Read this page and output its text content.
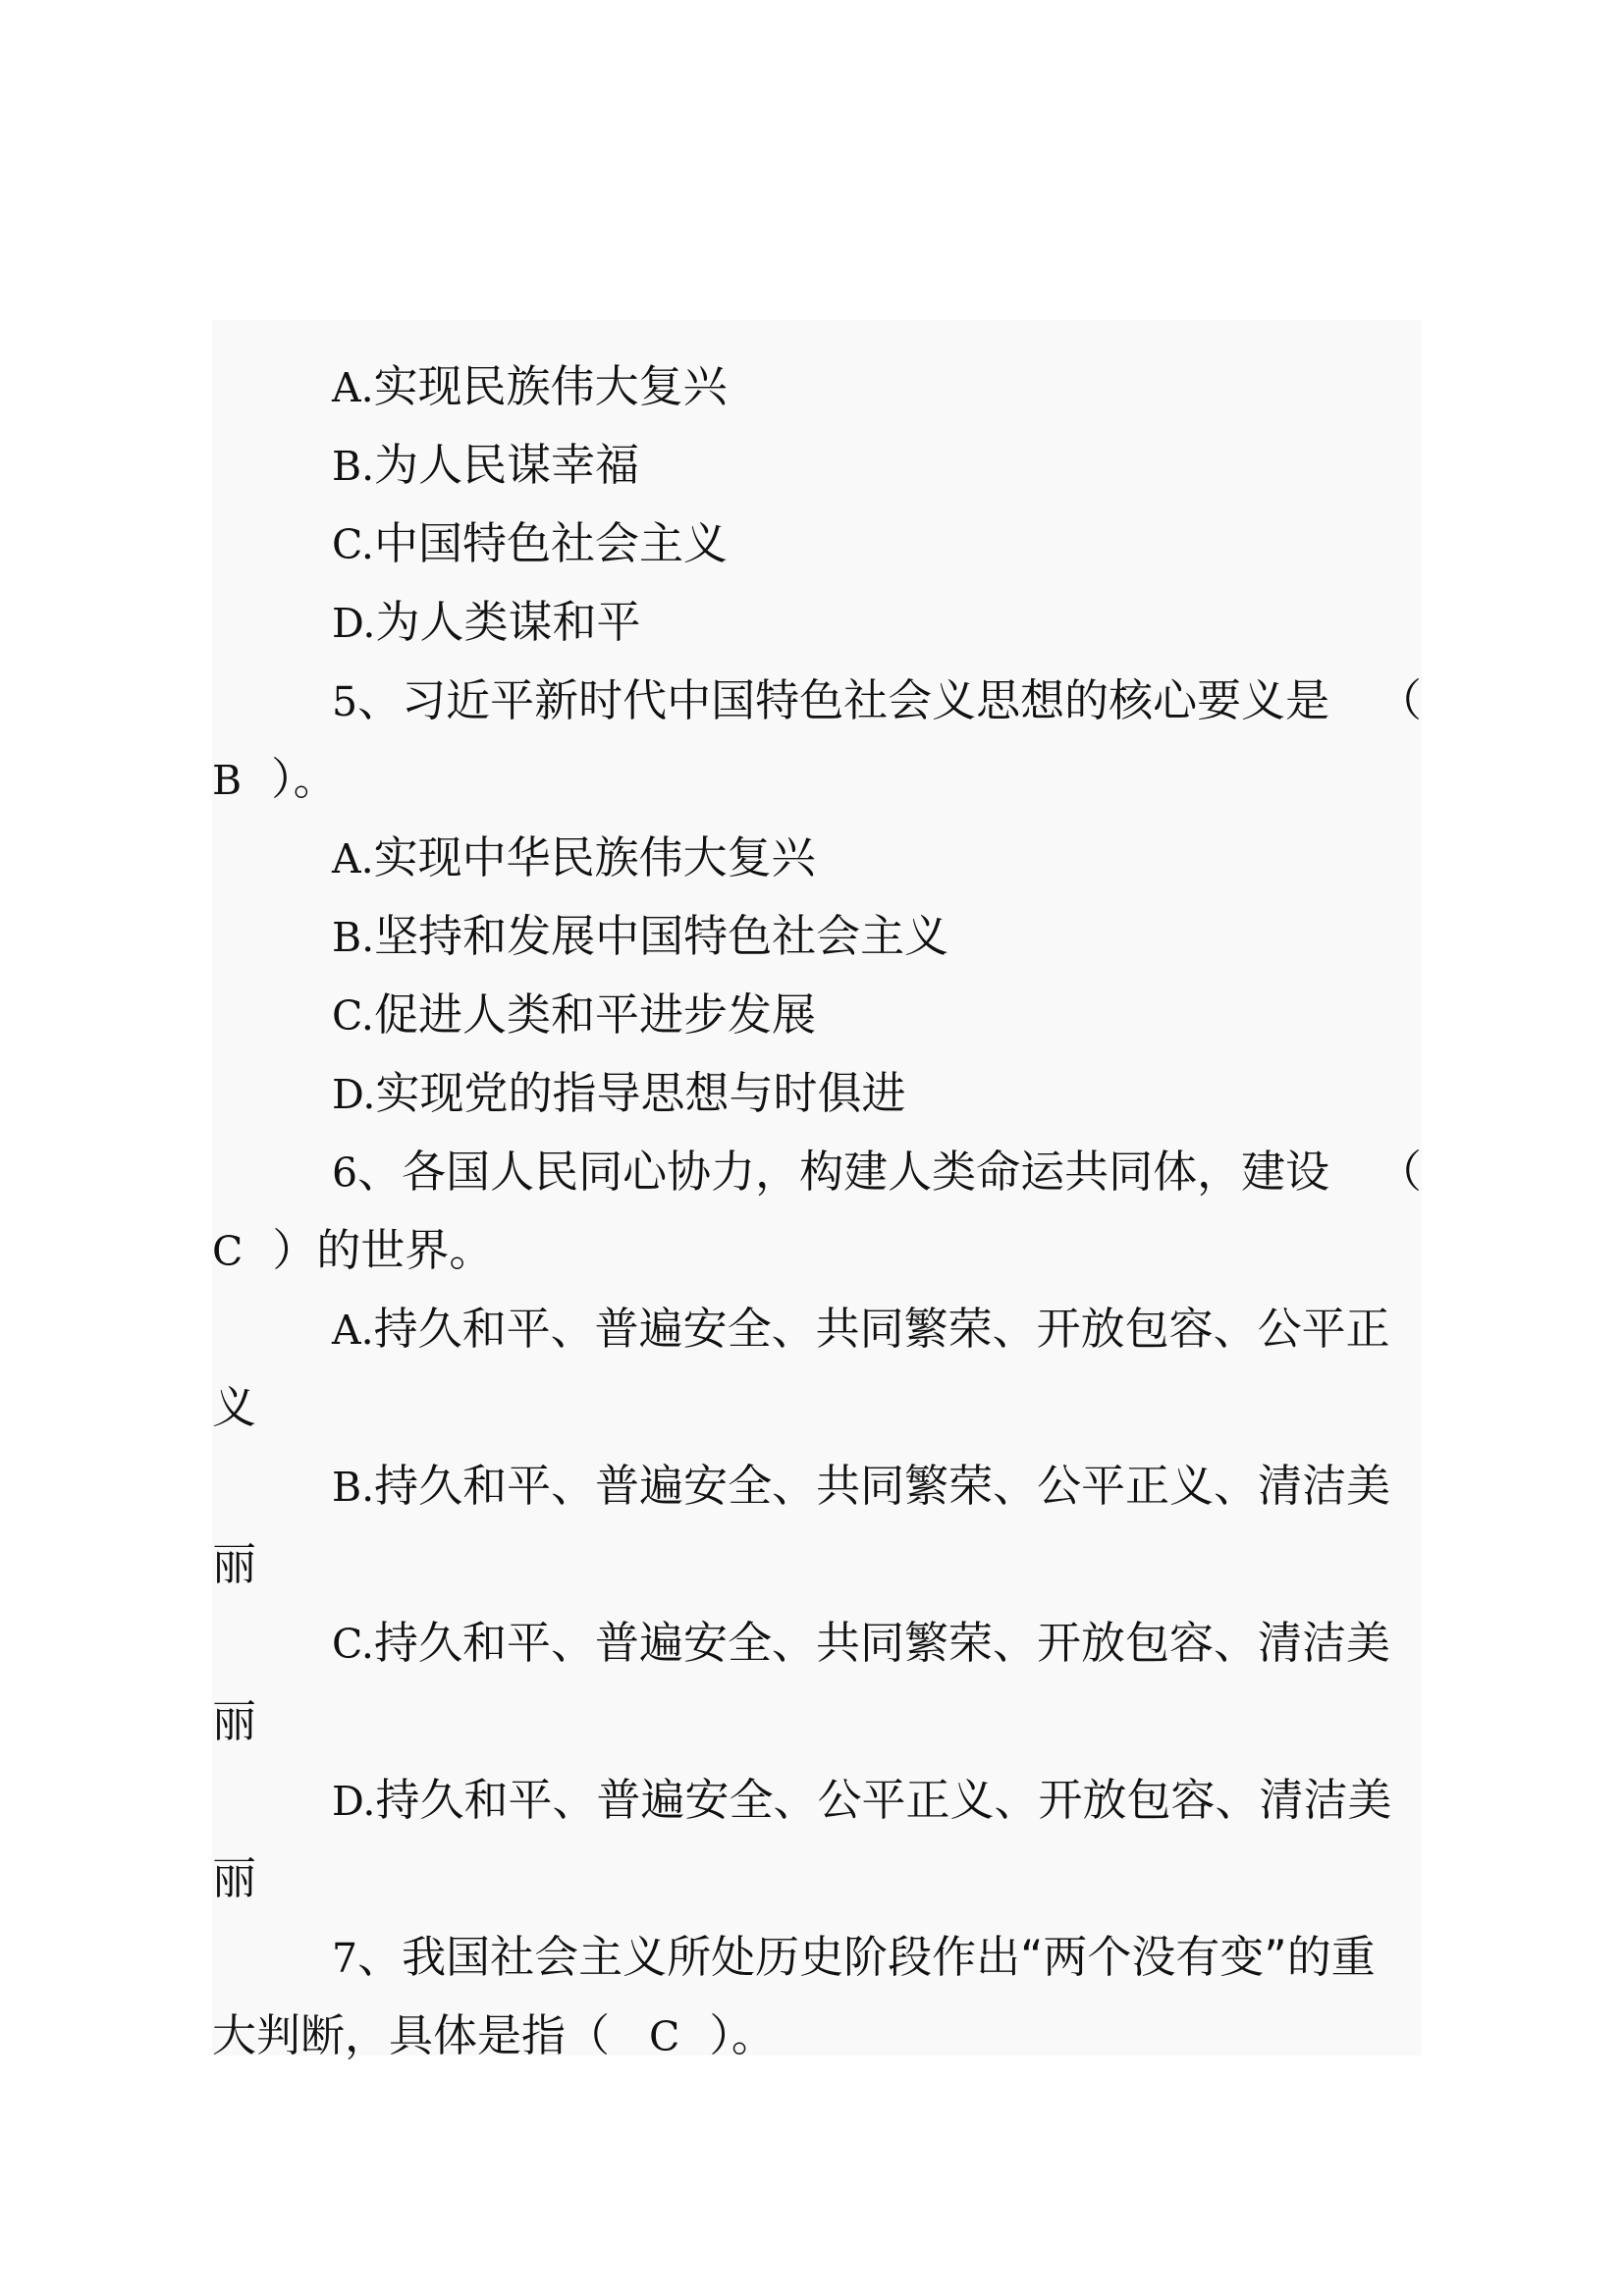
A.实现民族伟大复兴
B.为人民谋幸福
C.中国特色社会主义
D.为人类谋和平
5、习近平新时代中国特色社会义思想的核心要义是 （
B ）。
A.实现中华民族伟大复兴
B.坚持和发展中国特色社会主义
C.促进人类和平进步发展
D.实现党的指导思想与时俱进
6、各国人民同心协力，构建人类命运共同体，建设 （
C ）的世界。
A.持久和平、普遍安全、共同繁荣、开放包容、公平正
义
B.持久和平、普遍安全、共同繁荣、公平正义、清洁美
丽
C.持久和平、普遍安全、共同繁荣、开放包容、清洁美
丽
D.持久和平、普遍安全、公平正义、开放包容、清洁美
丽
7、我国社会主义所处历史阶段作出“两个没有变”的重
大判断，具体是指（ C ）。
